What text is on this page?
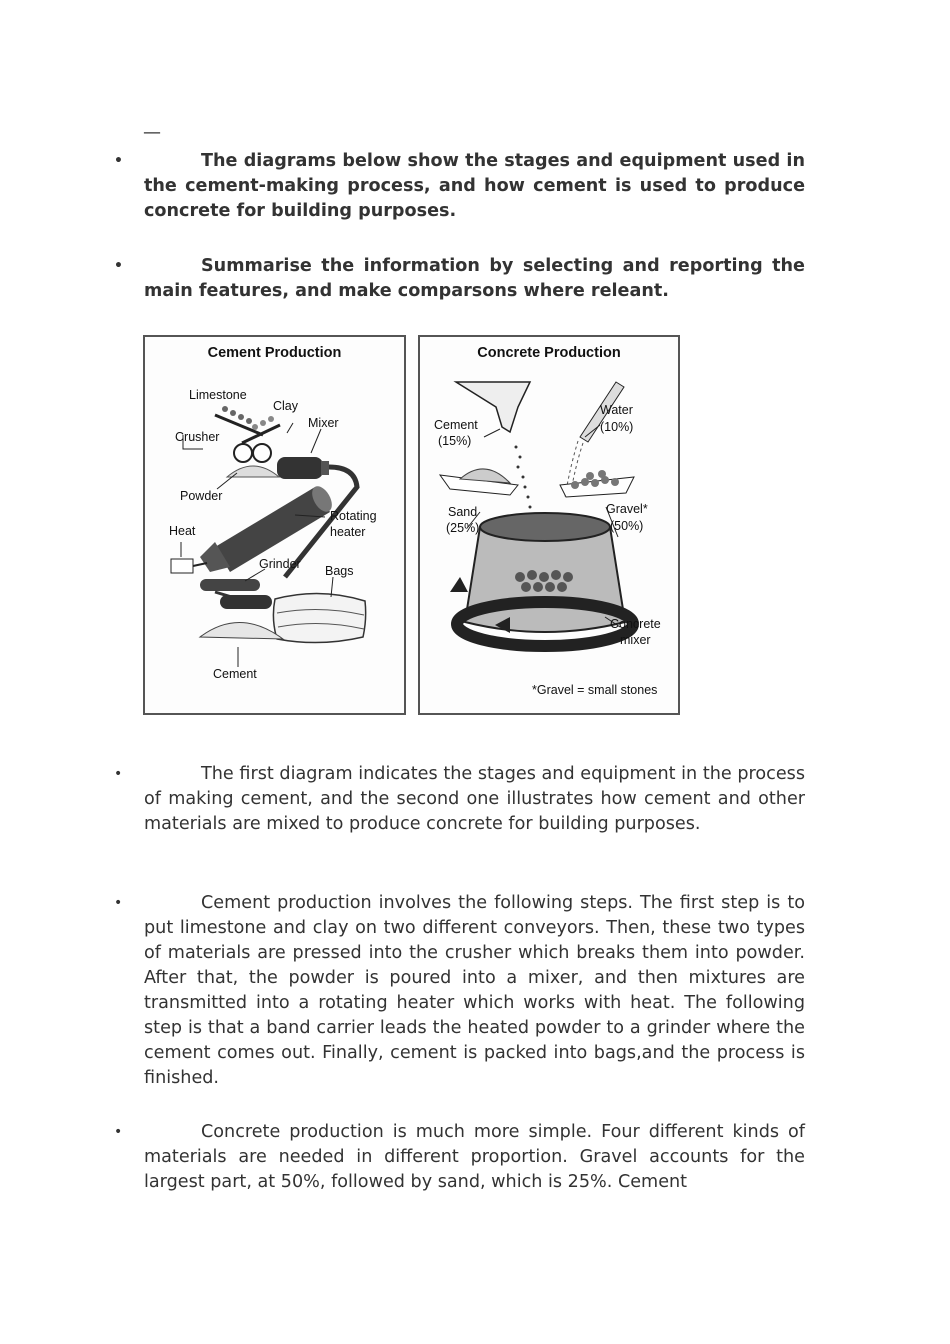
—
•	The diagrams below show the stages and equipment used in the cement-making process, and how cement is used to produce concrete for building purposes.
•	Summarise the information by selecting and reporting the main features, and make comparsons where releant.
Cement Production
Limestone
Clay
Crusher
Mixer
Powder
Rotating
heater
Heat
Grinder Bags
Cement
Concrete Production
Cement
(15%)
Water
(10%)
Sand
(25%)
Gravel*
(50%)
Concrete
mixer
*Gravel = small stones
•	The first diagram indicates the stages and equipment in the process of making cement, and the second one illustrates how cement and other materials are mixed to produce concrete for building purposes.
•	Cement production involves the following steps. The first step is to put limestone and clay on two different conveyors. Then, these two types of materials are pressed into the crusher which breaks them into powder. After that, the powder is poured into a mixer, and then mixtures are transmitted into a rotating heater which works with heat. The following step is that a band carrier leads the heated powder to a grinder where the cement comes out. Finally, cement is packed into bags,and the process is finished.
•	Concrete production is much more simple. Four different kinds of materials are needed in different proportion. Gravel accounts for the largest part, at 50%, followed by sand, which is 25%. Cement
